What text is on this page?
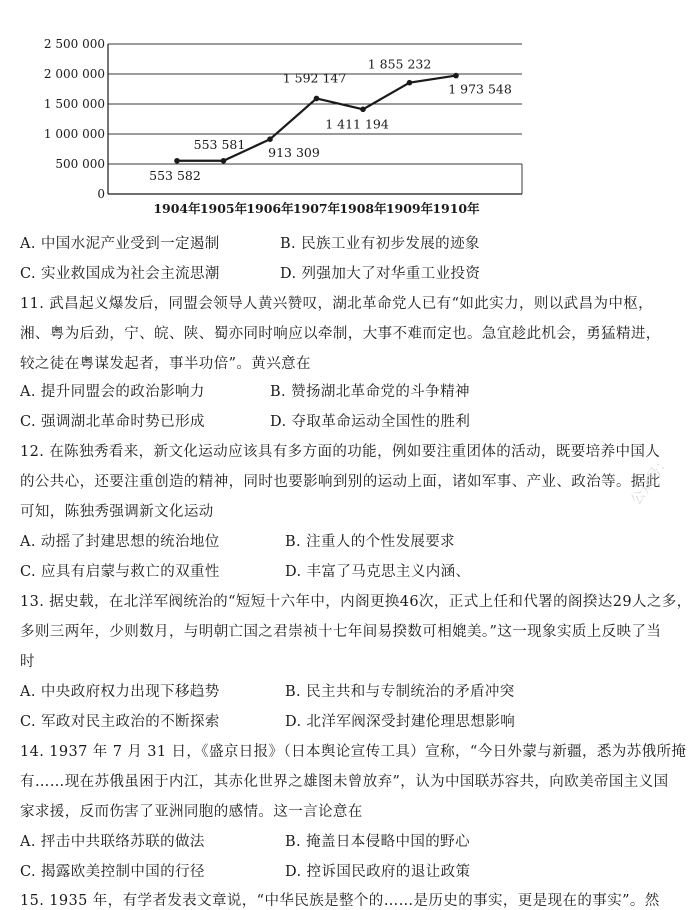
0
500 000
1 000 000
1 500 000
2 000 000
2 500 000
1904年 1905年 1906年 1907年 1908年 1909年 1910年
553 582
553 581
913 309
1 592 147
1 411 194
1 855 232
1 973 548
A. 中国水泥产业受到一定遏制	B. 民族工业有初步发展的迹象
C. 实业救国成为社会主流思潮	D. 列强加大了对华重工业投资
11. 武昌起义爆发后，同盟会领导人黄兴赞叹，湖北革命党人已有“如此实力，则以武昌为中枢，
湘、粤为后劲，宁、皖、陕、蜀亦同时响应以牵制，大事不难而定也。急宜趁此机会，勇猛精进，
较之徒在粤谋发起者，事半功倍”。黄兴意在
A. 提升同盟会的政治影响力	B. 赞扬湖北革命党的斗争精神
C. 强调湖北革命时势已形成	D. 夺取革命运动全国性的胜利
12. 在陈独秀看来，新文化运动应该具有多方面的功能，例如要注重团体的活动，既要培养中国人
的公共心，还要注重创造的精神，同时也要影响到别的运动上面，诸如军事、产业、政治等。据此
可知，陈独秀强调新文化运动
A. 动摇了封建思想的统治地位	B. 注重人的个性发展要求
C. 应具有启蒙与救亡的双重性	D. 丰富了马克思主义内涵、
13. 据史载，在北洋军阀统治的“短短十六年中，内阁更换46次，正式上任和代署的阁揆达29人之多，
多则三两年，少则数月，与明朝亡国之君崇祯十七年间易揆数可相媲美。”这一现象实质上反映了当
时
A. 中央政府权力出现下移趋势	B. 民主共和与专制统治的矛盾冲突
C. 军政对民主政治的不断探索	D. 北洋军阀深受封建伦理思想影响
14. 1937 年 7 月 31 日，《盛京日报》（日本舆论宣传工具）宣称，“今日外蒙与新疆，悉为苏俄所掩
有……现在苏俄虽困于内江，其赤化世界之雄图未曾放弃”，认为中国联苏容共，向欧美帝国主义国
家求援，反而伤害了亚洲同胞的感情。这一言论意在
A. 抨击中共联络苏联的做法	B. 掩盖日本侵略中国的野心
C. 揭露欧美控制中国的行径	D. 控诉国民政府的退让政策
15. 1935 年，有学者发表文章说，“中华民族是整个的……是历史的事实，更是现在的事实”。然
公众号：
